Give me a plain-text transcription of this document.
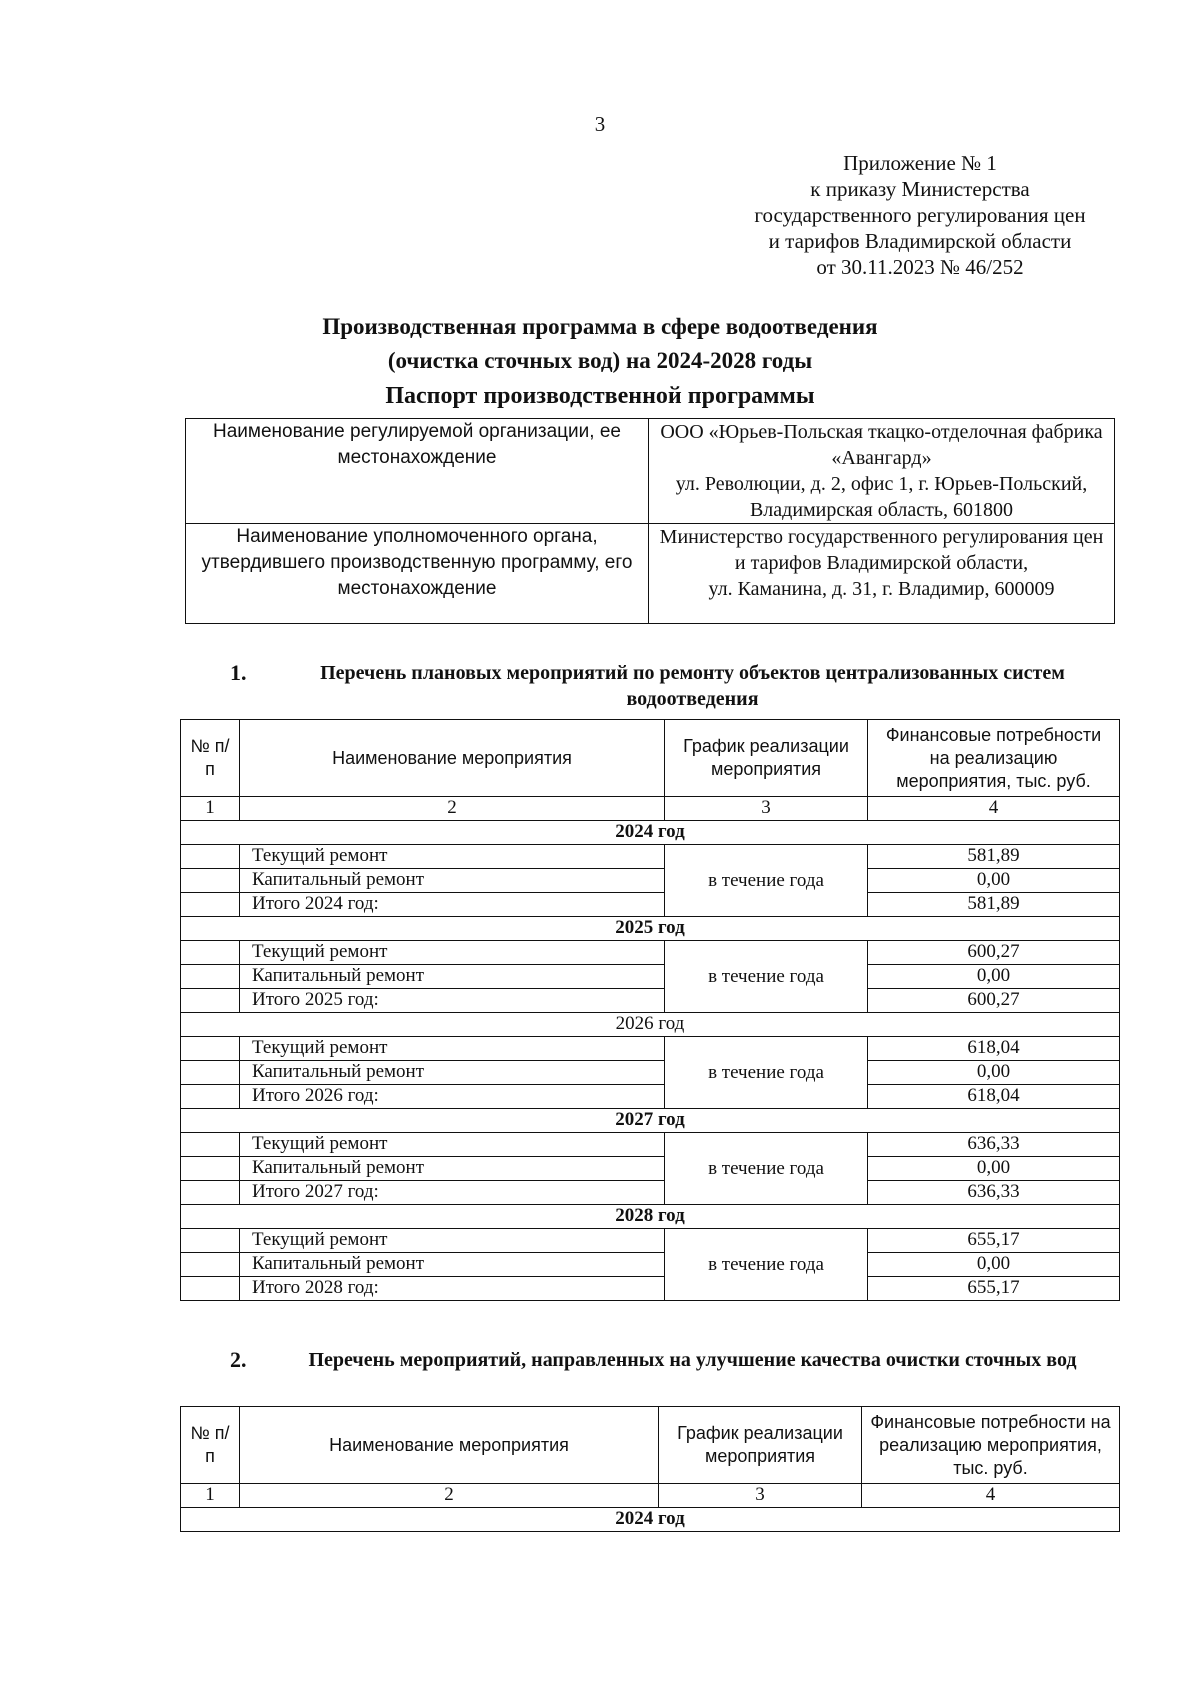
3
Приложение № 1
к приказу Министерства
государственного регулирования цен
и тарифов Владимирской области
от 30.11.2023 № 46/252
Производственная программа в сфере водоотведения
(очистка сточных вод) на 2024-2028 годы
Паспорт производственной программы
Наименование регулируемой организации, ее местонахождение	ООО «Юрьев-Польская ткацко-отделочная фабрика «Авангард»
ул. Революции, д. 2, офис 1, г. Юрьев-Польский, Владимирская область, 601800

Наименование уполномоченного органа, утвердившего производственную программу, его местонахождение	Министерство государственного регулирования цен и тарифов Владимирской области,
ул. Каманина, д. 31, г. Владимир, 600009
1.	Перечень плановых мероприятий по ремонту объектов централизованных систем водоотведения
№ п/п	Наименование мероприятия	График реализации мероприятия	Финансовые потребности на реализацию мероприятия, тыс. руб.
1	2	3	4
2024 год			
	Текущий ремонт	в течение года	581,89
	Капитальный ремонт		0,00
	Итого 2024 год:		581,89
2025 год			
	Текущий ремонт	в течение года	600,27
	Капитальный ремонт		0,00
	Итого 2025 год:		600,27
2026 год			
	Текущий ремонт	в течение года	618,04
	Капитальный ремонт		0,00
	Итого 2026 год:		618,04
2027 год			
	Текущий ремонт	в течение года	636,33
	Капитальный ремонт		0,00
	Итого 2027 год:		636,33
2028 год			
	Текущий ремонт	в течение года	655,17
	Капитальный ремонт		0,00
	Итого 2028 год:		655,17
2.	Перечень мероприятий, направленных на улучшение качества очистки сточных вод
№ п/п	Наименование мероприятия	График реализации мероприятия	Финансовые потребности на реализацию мероприятия, тыс. руб.
1	2	3	4
2024 год			
